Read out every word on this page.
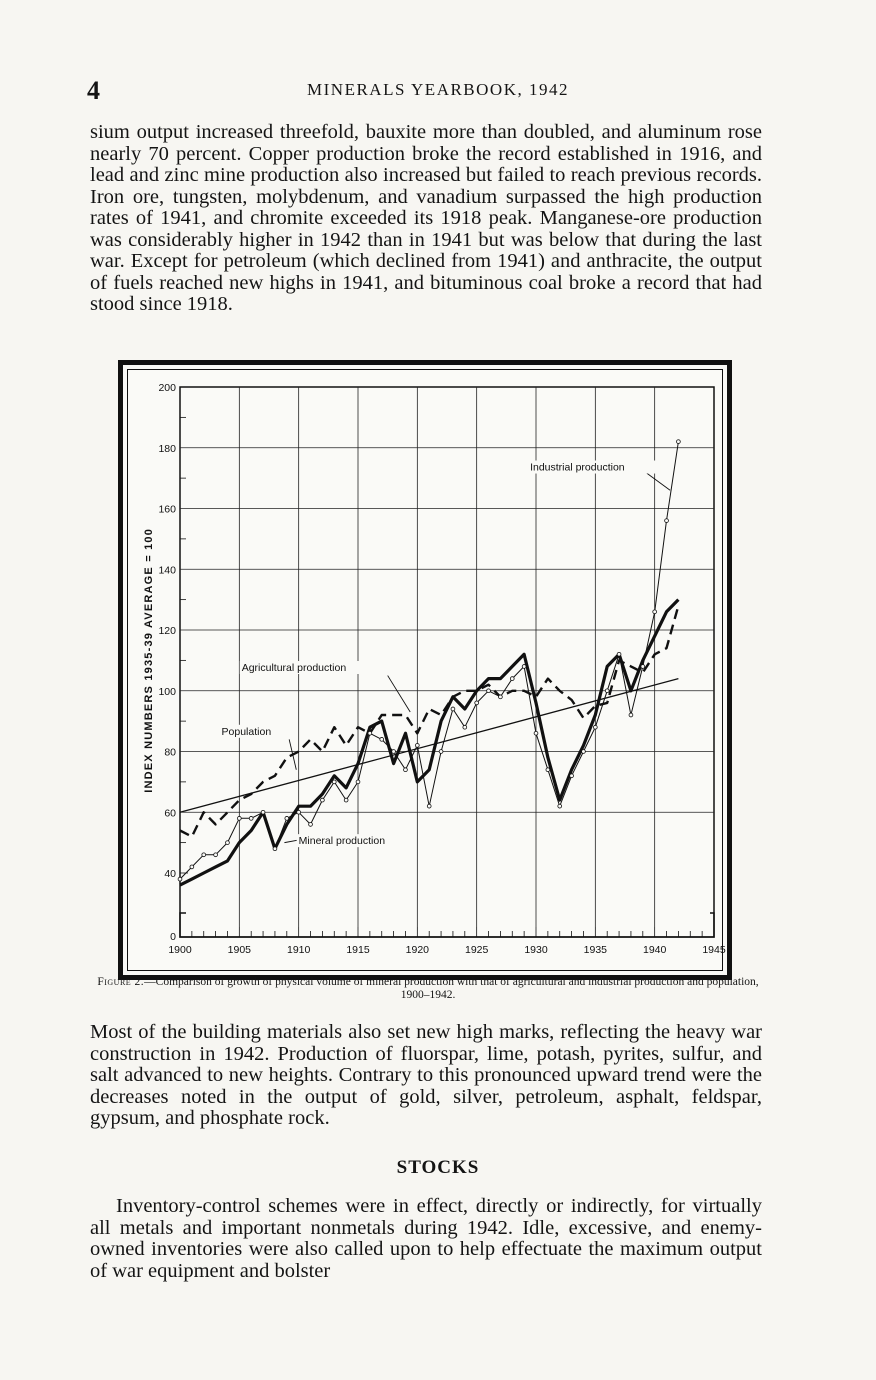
4	MINERALS YEARBOOK, 1942

sium output increased threefold, bauxite more than doubled, and aluminum rose nearly 70 percent. Copper production broke the record established in 1916, and lead and zinc mine production also increased but failed to reach previous records. Iron ore, tungsten, molybdenum, and vanadium surpassed the high production rates of 1941, and chromite exceeded its 1918 peak. Manganese-ore production was considerably higher in 1942 than in 1941 but was below that during the last war. Except for petroleum (which declined from 1941) and anthracite, the output of fuels reached new highs in 1941, and bituminous coal broke a record that had stood since 1918.

1900	1905	1910	1915	1920	1925	1930	1935	1940	1945
0
40
60
80
100
120
140
160
180
200
INDEX NUMBERS 1935-39 AVERAGE = 100
Industrial production
Agricultural production
Population
Mineral production
Figure 2.—Comparison of growth of physical volume of mineral production with that of agricultural and industrial production and population, 1900–1942.

Most of the building materials also set new high marks, reflecting the heavy war construction in 1942. Production of fluorspar, lime, potash, pyrites, sulfur, and salt advanced to new heights. Contrary to this pronounced upward trend were the decreases noted in the output of gold, silver, petroleum, asphalt, feldspar, gypsum, and phosphate rock.

STOCKS

Inventory-control schemes were in effect, directly or indirectly, for virtually all metals and important nonmetals during 1942. Idle, excessive, and enemy-owned inventories were also called upon to help effectuate the maximum output of war equipment and bolster
